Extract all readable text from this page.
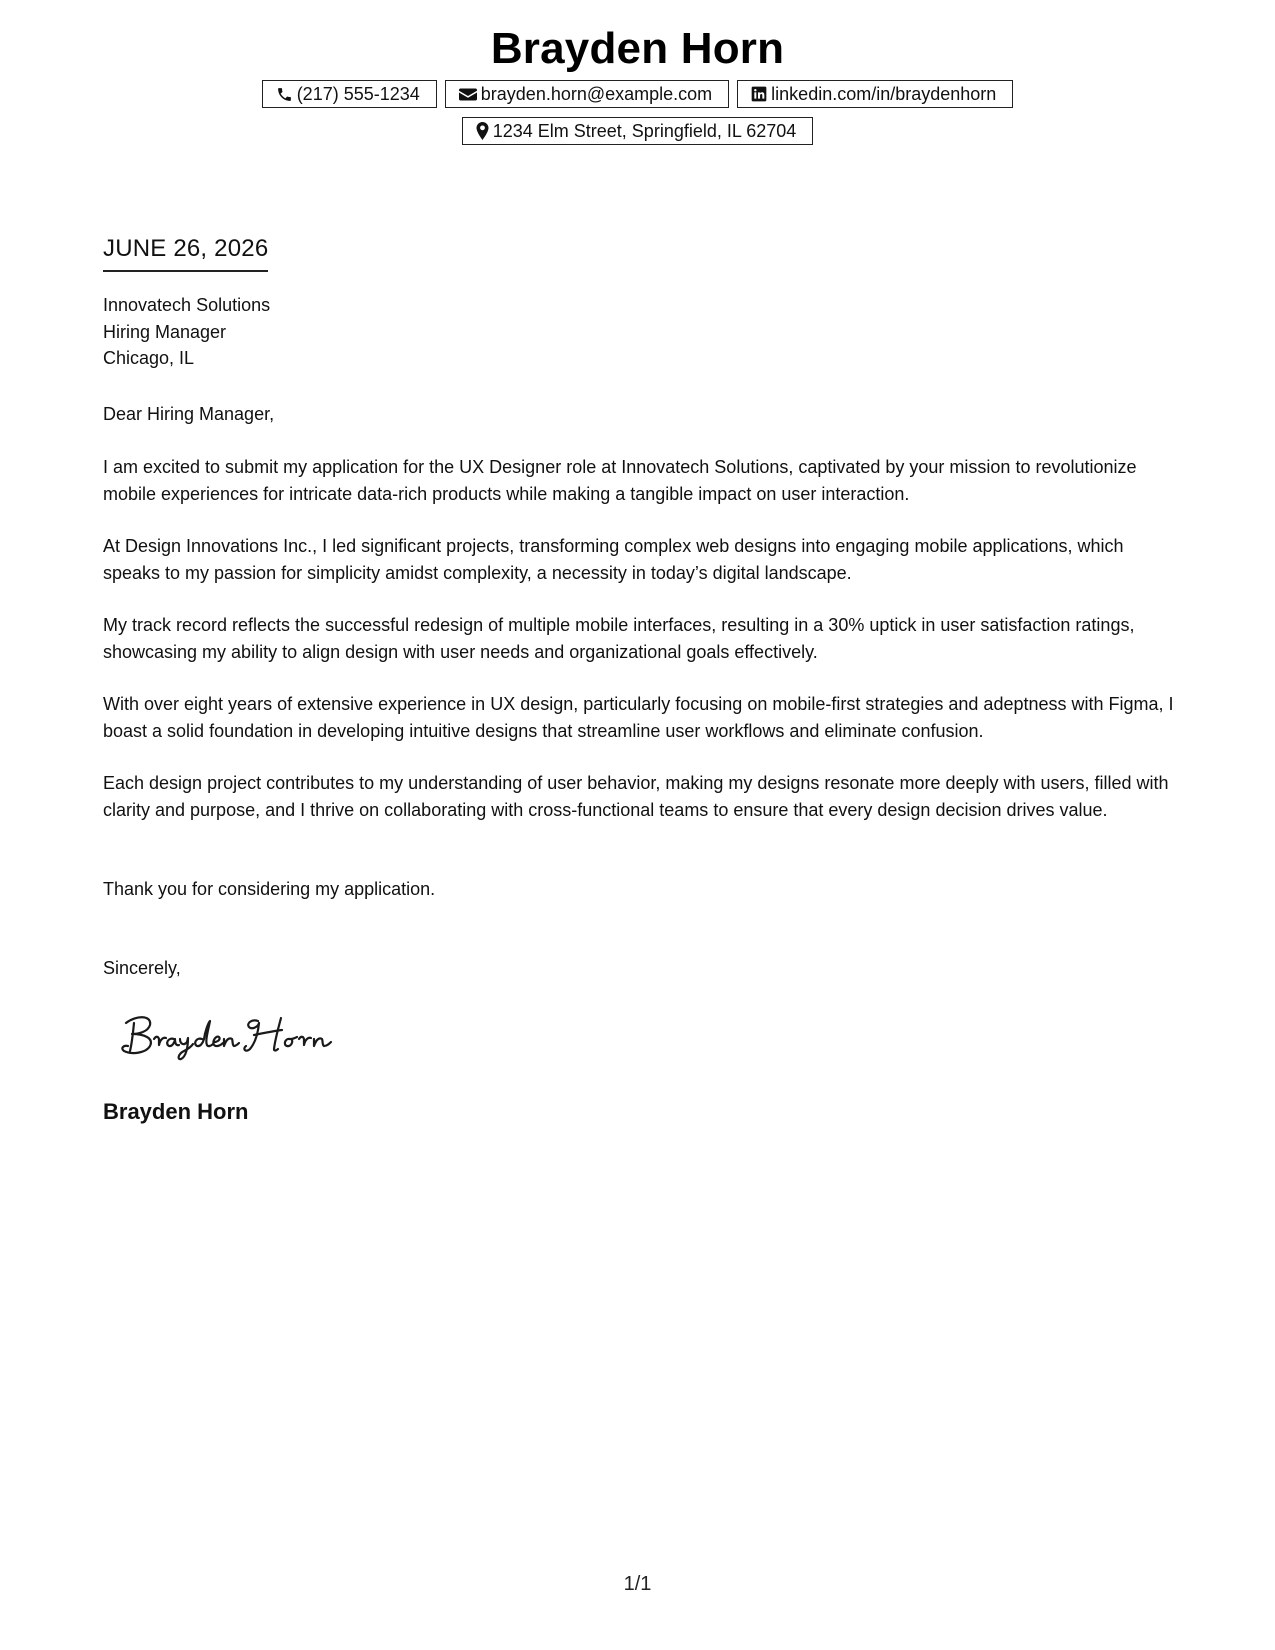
Brayden Horn
(217) 555-1234	brayden.horn@example.com	linkedin.com/in/braydenhorn
1234 Elm Street, Springfield, IL 62704
JUNE 26, 2026
Innovatech Solutions
Hiring Manager
Chicago, IL

Dear Hiring Manager,

I am excited to submit my application for the UX Designer role at Innovatech Solutions, captivated by your mission to revolutionize mobile experiences for intricate data-rich products while making a tangible impact on user interaction.

At Design Innovations Inc., I led significant projects, transforming complex web designs into engaging mobile applications, which speaks to my passion for simplicity amidst complexity, a necessity in today’s digital landscape.

My track record reflects the successful redesign of multiple mobile interfaces, resulting in a 30% uptick in user satisfaction ratings, showcasing my ability to align design with user needs and organizational goals effectively.

With over eight years of extensive experience in UX design, particularly focusing on mobile-first strategies and adeptness with Figma, I boast a solid foundation in developing intuitive designs that streamline user workflows and eliminate confusion.

Each design project contributes to my understanding of user behavior, making my designs resonate more deeply with users, filled with clarity and purpose, and I thrive on collaborating with cross-functional teams to ensure that every design decision drives value.

Thank you for considering my application.

Sincerely,

Brayden Horn
1/1
